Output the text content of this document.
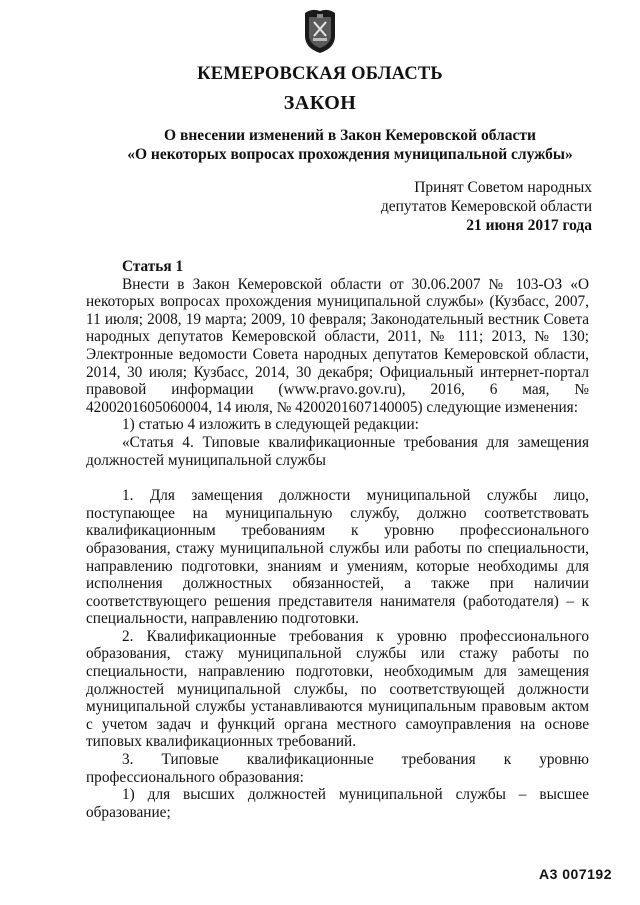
КЕМЕРОВСКАЯ ОБЛАСТЬ
ЗАКОН
О внесении изменений в Закон Кемеровской области
«О некоторых вопросах прохождения муниципальной службы»
Принят Советом народных
депутатов Кемеровской области
21 июня 2017 года

Статья 1

Внести в Закон Кемеровской области от 30.06.2007 № 103-ОЗ «О некоторых вопросах прохождения муниципальной службы» (Кузбасс, 2007, 11 июля; 2008, 19 марта; 2009, 10 февраля; Законодательный вестник Совета народных депутатов Кемеровской области, 2011, № 111; 2013, № 130; Электронные ведомости Совета народных депутатов Кемеровской области, 2014, 30 июля; Кузбасс, 2014, 30 декабря; Официальный интернет-портал правовой информации (www.pravo.gov.ru), 2016, 6 мая, № 4200201605060004, 14 июля, № 4200201607140005) следующие изменения:

1) статью 4 изложить в следующей редакции:

«Статья 4. Типовые квалификационные требования для замещения должностей муниципальной службы

1. Для замещения должности муниципальной службы лицо, поступающее на муниципальную службу, должно соответствовать квалификационным требованиям к уровню профессионального образования, стажу муниципальной службы или работы по специальности, направлению подготовки, знаниям и умениям, которые необходимы для исполнения должностных обязанностей, а также при наличии соответствующего решения представителя нанимателя (работодателя) – к специальности, направлению подготовки.

2. Квалификационные требования к уровню профессионального образования, стажу муниципальной службы или стажу работы по специальности, направлению подготовки, необходимым для замещения должностей муниципальной службы, по соответствующей должности муниципальной службы устанавливаются муниципальным правовым актом с учетом задач и функций органа местного самоуправления на основе типовых квалификационных требований.

3. Типовые квалификационные требования к уровню профессионального образования:

1) для высших должностей муниципальной службы – высшее образование;

А3 007192
